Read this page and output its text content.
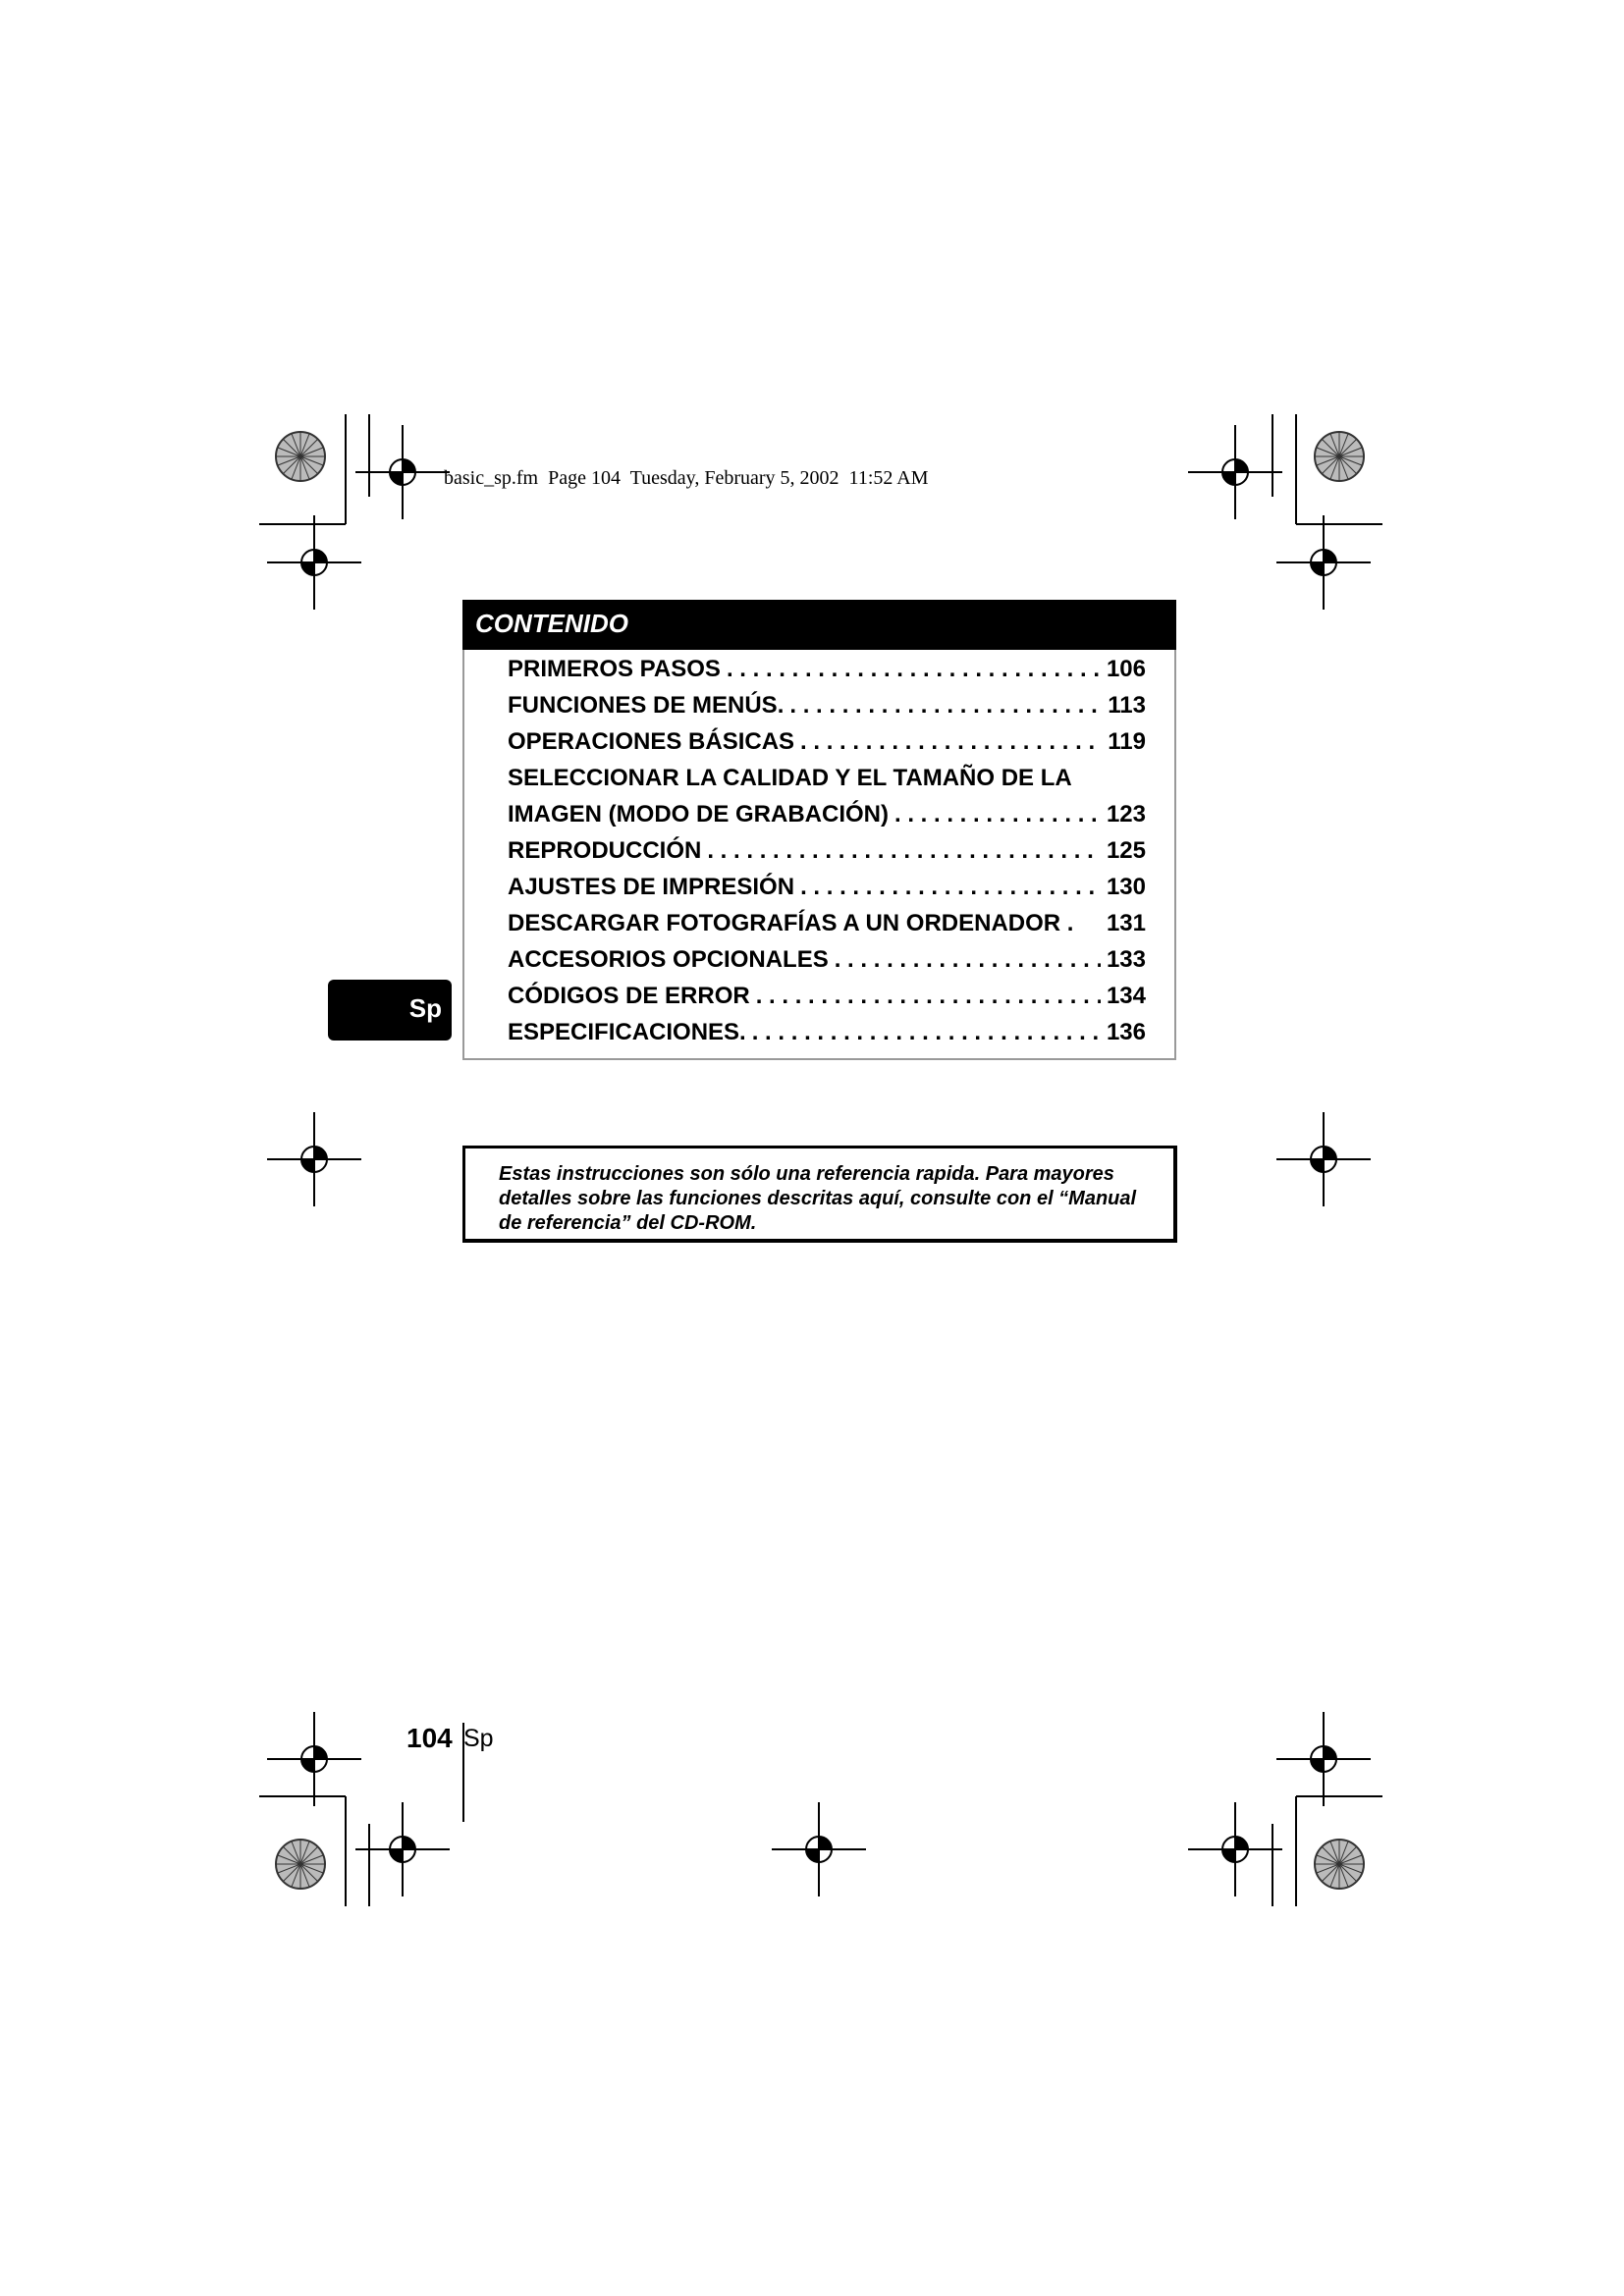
basic_sp.fm  Page 104  Tuesday, February 5, 2002  11:52 AM
CONTENIDO
PRIMEROS PASOS . . .	106
FUNCIONES DE MENÚS. . . .	113
OPERACIONES BÁSICAS . . .	119
SELECCIONAR LA CALIDAD Y EL TAMAÑO DE LA
IMAGEN (MODO DE GRABACIÓN) . . .	123
REPRODUCCIÓN . . .	125
AJUSTES DE IMPRESIÓN . . .	130
DESCARGAR FOTOGRAFÍAS A UN ORDENADOR . 131
ACCESORIOS OPCIONALES . . .	133
CÓDIGOS DE ERROR . . .	134
ESPECIFICACIONES. . . .	136
Sp
Estas instrucciones son sólo una referencia rapida. Para mayores detalles sobre las funciones descritas aquí, consulte con el “Manual de referencia” del CD-ROM.
104 Sp
